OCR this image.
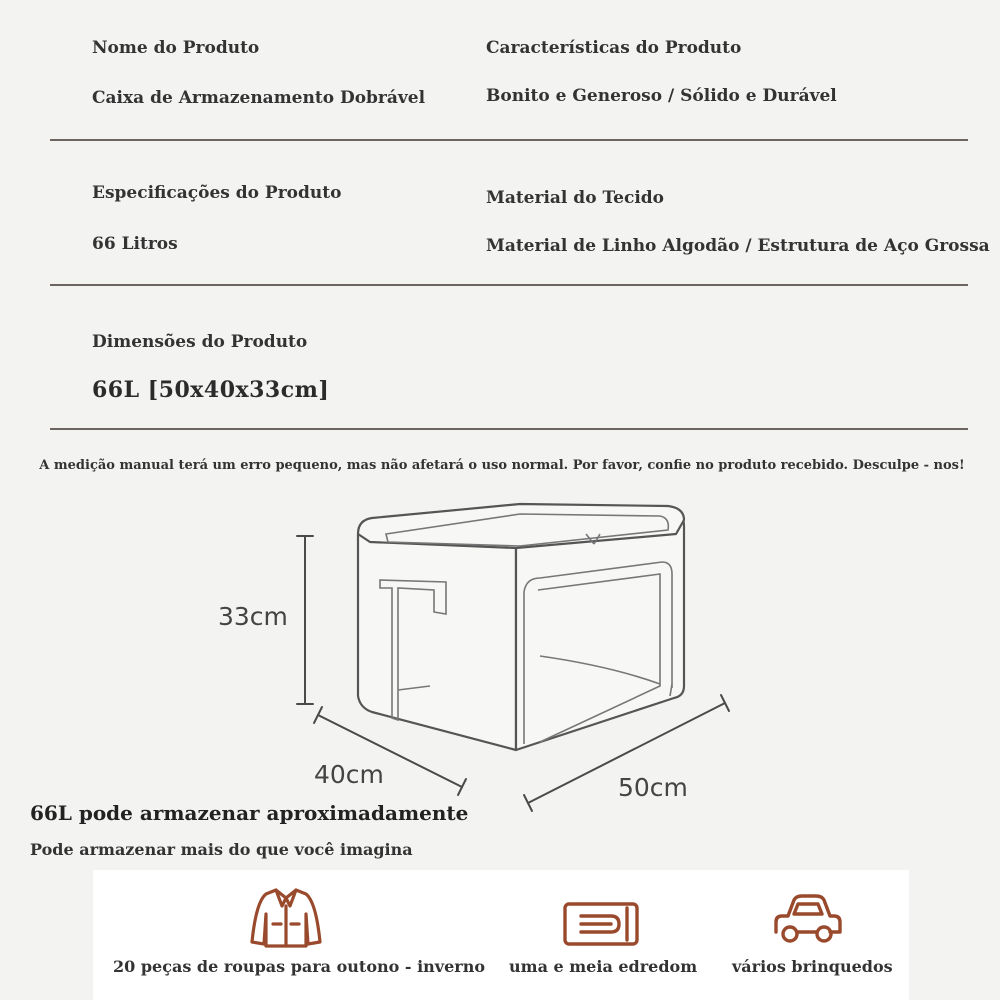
Nome do Produto
Caixa de Armazenamento Dobrável
Características do Produto
Bonito e Generoso / Sólido e Durável
Especificações do Produto
66 Litros
Material do Tecido
Material de Linho Algodão / Estrutura de Aço Grossa
Dimensões do Produto
66L [50x40x33cm]
A medição manual terá um erro pequeno, mas não afetará o uso normal. Por favor, confie no produto recebido. Desculpe - nos!
33cm
40cm	50cm
66L pode armazenar aproximadamente
Pode armazenar mais do que você imagina
20 peças de roupas para outono - inverno uma e meia edredom vários brinquedos
